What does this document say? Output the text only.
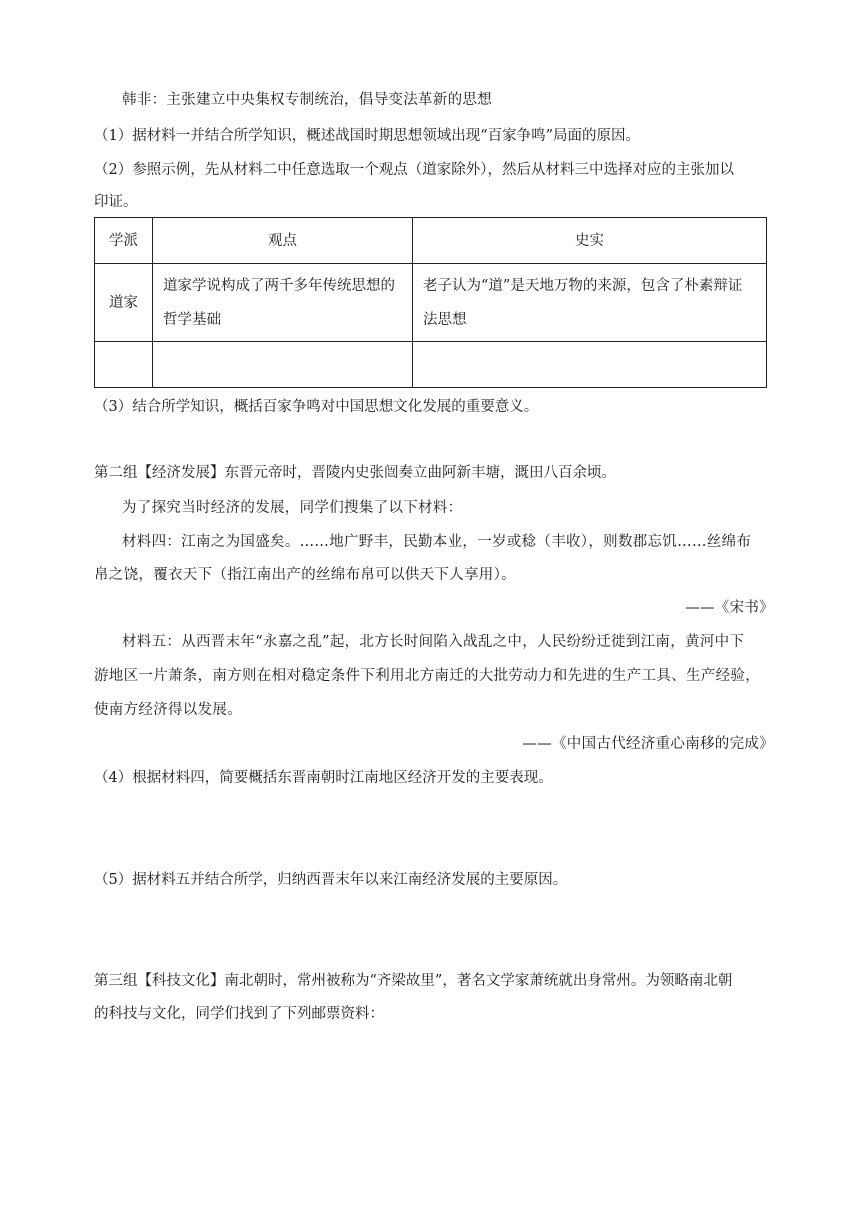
韩非：主张建立中央集权专制统治，倡导变法革新的思想
（1）据材料一并结合所学知识，概述战国时期思想领域出现“百家争鸣”局面的原因。
（2）参照示例，先从材料二中任意选取一个观点（道家除外），然后从材料三中选择对应的主张加以
印证。
学派	观点	史实
道家	道家学说构成了两千多年传统思想的哲学基础	老子认为“道”是天地万物的来源，包含了朴素辩证法思想

（3）结合所学知识，概括百家争鸣对中国思想文化发展的重要意义。
第二组【经济发展】东晋元帝时，晋陵内史张闿奏立曲阿新丰塘，溉田八百余顷。
为了探究当时经济的发展，同学们搜集了以下材料：
材料四：江南之为国盛矣。……地广野丰，民勤本业，一岁或稔（丰收），则数郡忘饥……丝绵布
帛之饶，覆衣天下（指江南出产的丝绵布帛可以供天下人享用）。
——《宋书》
材料五：从西晋末年“永嘉之乱”起，北方长时间陷入战乱之中，人民纷纷迁徙到江南，黄河中下
游地区一片萧条，南方则在相对稳定条件下利用北方南迁的大批劳动力和先进的生产工具、生产经验，
使南方经济得以发展。
——《中国古代经济重心南移的完成》
（4）根据材料四，简要概括东晋南朝时江南地区经济开发的主要表现。
（5）据材料五并结合所学，归纳西晋末年以来江南经济发展的主要原因。
第三组【科技文化】南北朝时，常州被称为“齐梁故里”，著名文学家萧统就出身常州。为领略南北朝
的科技与文化，同学们找到了下列邮票资料：
